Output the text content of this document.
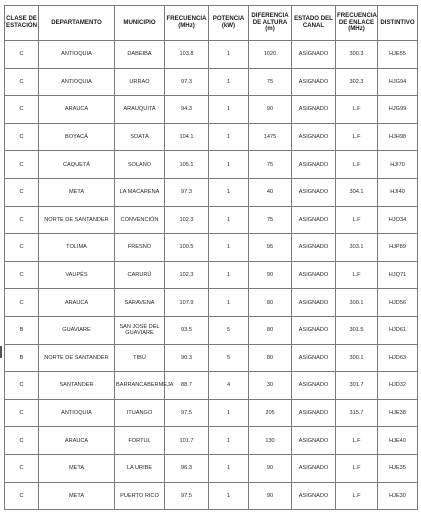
CLASE DE ESTACIÓN	DEPARTAMENTO	MUNICIPIO	FRECUENCIA (MHz)	POTENCIA (kW)	DIFERENCIA DE ALTURA (m)	ESTADO DEL CANAL	FRECUENCIA DE ENLACE (MHz)	DISTINTIVO
C	ANTIOQUIA	DABEIBA	103.8	1	1020	ASIGNADO	300.3	HJE55
C	ANTIOQUIA	URRAO	97.3	1	75	ASIGNADO	302.3	HJG94
C	ARAUCA	ARAUQUITA	94.3	1	90	ASIGNADO	L.F	HJG99
C	BOYACÁ	SOATÁ	104.1	1	1475	ASIGNADO	L.F	HJH98
C	CAQUETÁ	SOLANO	105.1	1	75	ASIGNADO	L.F	HJI70
C	META	LA MACARENA	97.3	1	40	ASIGNADO	304.1	HJI40
C	NORTE DE SANTANDER	CONVENCIÓN	102.3	1	75	ASIGNADO	L.F	HJO34
C	TOLIMA	FRESNO	100.5	1	95	ASIGNADO	303.1	HJP89
C	VAUPÉS	CARURÚ	102.3	1	90	ASIGNADO	L.F	HJQ71
C	ARAUCA	SARAVENA	107.9	1	80	ASIGNADO	300.1	HJD56
B	GUAVIARE	SAN JOSÉ DEL GUAVIARE	93.5	5	80	ASIGNADO	301.5	HJD61
B	NORTE DE SANTANDER	TIBÚ	90.3	5	80	ASIGNADO	300.1	HJD63
C	SANTANDER	BARRANCABERMEJA	88.7	4	30	ASIGNADO	301.7	HJD32
C	ANTIOQUIA	ITUANGO	97.5	1	205	ASIGNADO	315.7	HJE38
C	ARAUCA	FORTUL	101.7	1	130	ASIGNADO	L.F	HJE40
C	META	LA URIBE	96.3	1	90	ASIGNADO	L.F	HJE35
C	META	PUERTO RICO	97.5	1	90	ASIGNADO	L.F	HJE30
